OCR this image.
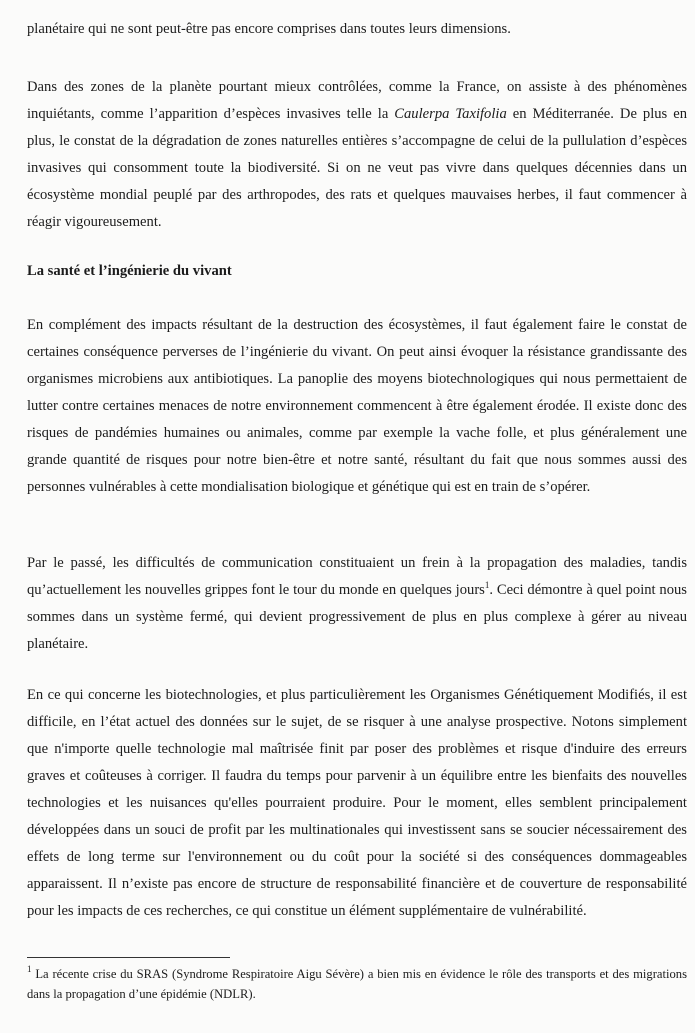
planétaire qui ne sont peut-être pas encore comprises dans toutes leurs dimensions.

Dans des zones de la planète pourtant mieux contrôlées, comme la France, on assiste à des phénomènes inquiétants, comme l’apparition d’espèces invasives telle la Caulerpa Taxifolia en Méditerranée. De plus en plus, le constat de la dégradation de zones naturelles entières s’accompagne de celui de la pullulation d’espèces invasives qui consomment toute la biodiversité. Si on ne veut pas vivre dans quelques décennies dans un écosystème mondial peuplé par des arthropodes, des rats et quelques mauvaises herbes, il faut commencer à réagir vigoureusement.

La santé et l’ingénierie du vivant

En complément des impacts résultant de la destruction des écosystèmes, il faut également faire le constat de certaines conséquence perverses de l’ingénierie du vivant. On peut ainsi évoquer la résistance grandissante des organismes microbiens aux antibiotiques. La panoplie des moyens biotechnologiques qui nous permettaient de lutter contre certaines menaces de notre environnement commencent à être également érodée. Il existe donc des risques de pandémies humaines ou animales, comme par exemple la vache folle, et plus généralement une grande quantité de risques pour notre bien-être et notre santé, résultant du fait que nous sommes aussi des personnes vulnérables à cette mondialisation biologique et génétique qui est en train de s’opérer.

Par le passé, les difficultés de communication constituaient un frein à la propagation des maladies, tandis qu’actuellement les nouvelles grippes font le tour du monde en quelques jours$^1$. Ceci démontre à quel point nous sommes dans un système fermé, qui devient progressivement de plus en plus complexe à gérer au niveau planétaire.

En ce qui concerne les biotechnologies, et plus particulièrement les Organismes Génétiquement Modifiés, il est difficile, en l’état actuel des données sur le sujet, de se risquer à une analyse prospective. Notons simplement que n'importe quelle technologie mal maîtrisée finit par poser des problèmes et risque d'induire des erreurs graves et coûteuses à corriger. Il faudra du temps pour parvenir à un équilibre entre les bienfaits des nouvelles technologies et les nuisances qu'elles pourraient produire. Pour le moment, elles semblent principalement développées dans un souci de profit par les multinationales qui investissent sans se soucier nécessairement des effets de long terme sur l'environnement ou du coût pour la société si des conséquences dommageables apparaissent. Il n’existe pas encore de structure de responsabilité financière et de couverture de responsabilité pour les impacts de ces recherches, ce qui constitue un élément supplémentaire de vulnérabilité.

$^1$ La récente crise du SRAS (Syndrome Respiratoire Aigu Sévère) a bien mis en évidence le rôle des transports et des migrations dans la propagation d’une épidémie (NDLR).
